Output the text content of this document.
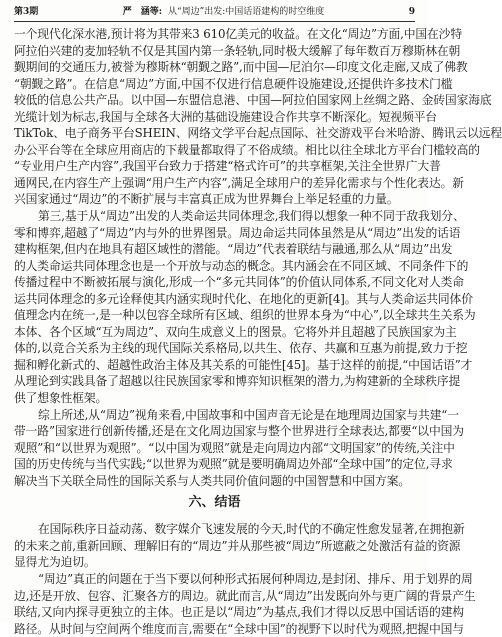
第3期	严　涵等: 从“周边”出发:中国话语建构的时空维度	9
一个现代化深水港,预计将为其带来3 610亿美元的收益。在文化“周边”方面,中国在沙特
阿拉伯兴建的麦加轻轨不仅是其国内第一条轻轨,同时极大缓解了每年数百万穆斯林在朝
觐期间的交通压力,被誉为穆斯林“朝觐之路”,而中国—尼泊尔—印度文化走廊,又成了佛教
“朝觐之路”。在信息“周边”方面,中国不仅进行信息硬件设施建设,还提供许多技术门槛
较低的信息公共产品。以中国—东盟信息港、中国—阿拉伯国家网上丝绸之路、金砖国家海底
光缆计划为标志,我国与全球各大洲的基础设施建设合作共享不断深化。短视频平台
TikTok、电子商务平台SHEIN、网络文学平台起点国际、社交游戏平台米哈游、腾讯云以远程
办公平台等在全球应用商店的下载量都取得了不俗成绩。相比以往全球北方平台门槛较高的
“专业用户生产内容”,我国平台致力于搭建“格式许可”的共享框架,关注全世界广大普
通网民,在内容生产上强调“用户生产内容”,满足全球用户的差异化需求与个性化表达。新
兴国家通过“周边”的不断扩展与丰富真正成为世界舞台上举足轻重的力量。
第三,基于从“周边”出发的人类命运共同体理念,我们得以想象一种不同于敌我划分、
零和博弈,超越了“周边”内与外的世界图景。周边命运共同体虽然是从“周边”出发的话语
建构框架,但内在地具有超区域性的潜能。“周边”代表着联结与融通,那么从“周边”出发
的人类命运共同体理念也是一个开放与动态的概念。其内涵会在不同区域、不同条件下的
传播过程中不断被拓展与演化,形成一个“多元共同体”的价值认同体系,不同文化对人类命
运共同体理念的多元诠释使其内涵实现时代化、在地化的更新[4]。其与人类命运共同体价
值理念内在统一,是一种以包容全球所有区域、组织的世界本身为“中心”,以全球共生关系为
本体、各个区域“互为周边”、双向生成意义上的图景。它将外并且超越了民族国家为主
体的,以竞合关系为主线的现代国际关系格局,以共生、依存、共赢和互惠为前提,致力于挖
掘和孵化新式的、超越性政治主体及其关系的可能性[45]。基于这样的前提,“中国话语”才
从理论到实践具备了超越以往民族国家零和博弈知识框架的潜力,为构建新的全球秩序提
供了想象性框架。
综上所述,从“周边”视角来看,中国故事和中国声音无论是在地理周边国家与共建“一
带一路”国家进行创新传播,还是在文化周边国家与整个世界进行全球表达,都要“以中国为
观照”和“以世界为观照”。“以中国为观照”就是走向周边内部“文明国家”的传统,关注中
国的历史传统与当代实践;“以世界为观照”就是要明确周边外部“全球中国”的定位,寻求
解决当下关联全局性的国际关系与人类共同价值问题的中国智慧和中国方案。
六、结语
在国际秩序日益动荡、数字媒介飞速发展的今天,时代的不确定性愈发显著,在拥抱新
的未来之前,重新回顾、理解旧有的“周边”并从那些被“周边”所遮蔽之处激活有益的资源
显得尤为迫切。
“周边”真正的问题在于当下要以何种形式拓展何种周边,是封闭、排斥、用于划界的周
边,还是开放、包容、汇聚各方的周边。就此而言,从“周边”出发既向外与更广阔的背景产生
联结,又向内探寻更独立的主体。也正是以“周边”为基点,我们才得以反思中国话语的建构
路径。从时间与空间两个维度而言,需要在“全球中国”的视野下以时代为观照,把握中国与
